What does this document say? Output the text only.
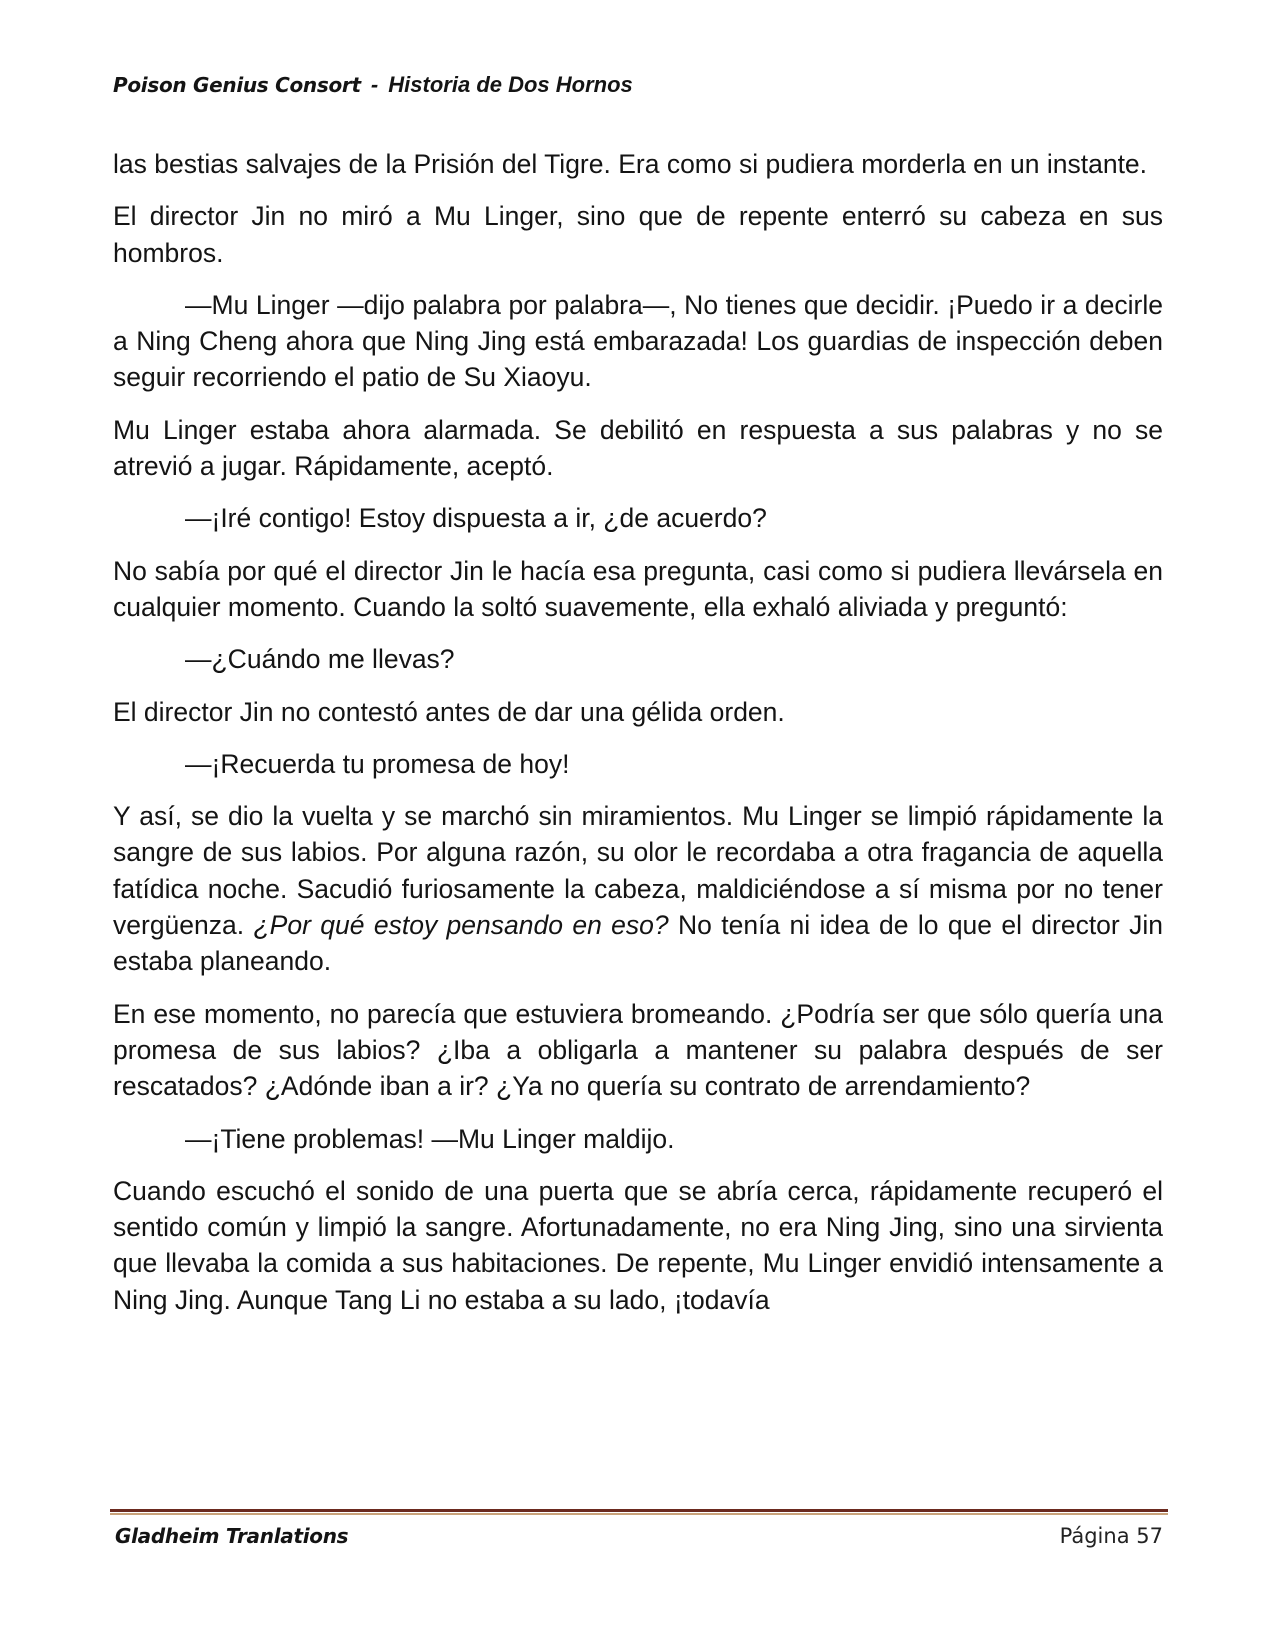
Poison Genius Consort - Historia de Dos Hornos

las bestias salvajes de la Prisión del Tigre. Era como si pudiera morderla en un instante.

El director Jin no miró a Mu Linger, sino que de repente enterró su cabeza en sus hombros.

—Mu Linger —dijo palabra por palabra—, No tienes que decidir. ¡Puedo ir a decirle a Ning Cheng ahora que Ning Jing está embarazada! Los guardias de inspección deben seguir recorriendo el patio de Su Xiaoyu.

Mu Linger estaba ahora alarmada. Se debilitó en respuesta a sus palabras y no se atrevió a jugar. Rápidamente, aceptó.

—¡Iré contigo! Estoy dispuesta a ir, ¿de acuerdo?

No sabía por qué el director Jin le hacía esa pregunta, casi como si pudiera llevársela en cualquier momento. Cuando la soltó suavemente, ella exhaló aliviada y preguntó:

—¿Cuándo me llevas?

El director Jin no contestó antes de dar una gélida orden.

—¡Recuerda tu promesa de hoy!

Y así, se dio la vuelta y se marchó sin miramientos. Mu Linger se limpió rápidamente la sangre de sus labios. Por alguna razón, su olor le recordaba a otra fragancia de aquella fatídica noche. Sacudió furiosamente la cabeza, maldiciéndose a sí misma por no tener vergüenza. ¿Por qué estoy pensando en eso? No tenía ni idea de lo que el director Jin estaba planeando.

En ese momento, no parecía que estuviera bromeando. ¿Podría ser que sólo quería una promesa de sus labios? ¿Iba a obligarla a mantener su palabra después de ser rescatados? ¿Adónde iban a ir? ¿Ya no quería su contrato de arrendamiento?

—¡Tiene problemas! —Mu Linger maldijo.

Cuando escuchó el sonido de una puerta que se abría cerca, rápidamente recuperó el sentido común y limpió la sangre. Afortunadamente, no era Ning Jing, sino una sirvienta que llevaba la comida a sus habitaciones. De repente, Mu Linger envidió intensamente a Ning Jing. Aunque Tang Li no estaba a su lado, ¡todavía

Gladheim Tranlations	Página 57
